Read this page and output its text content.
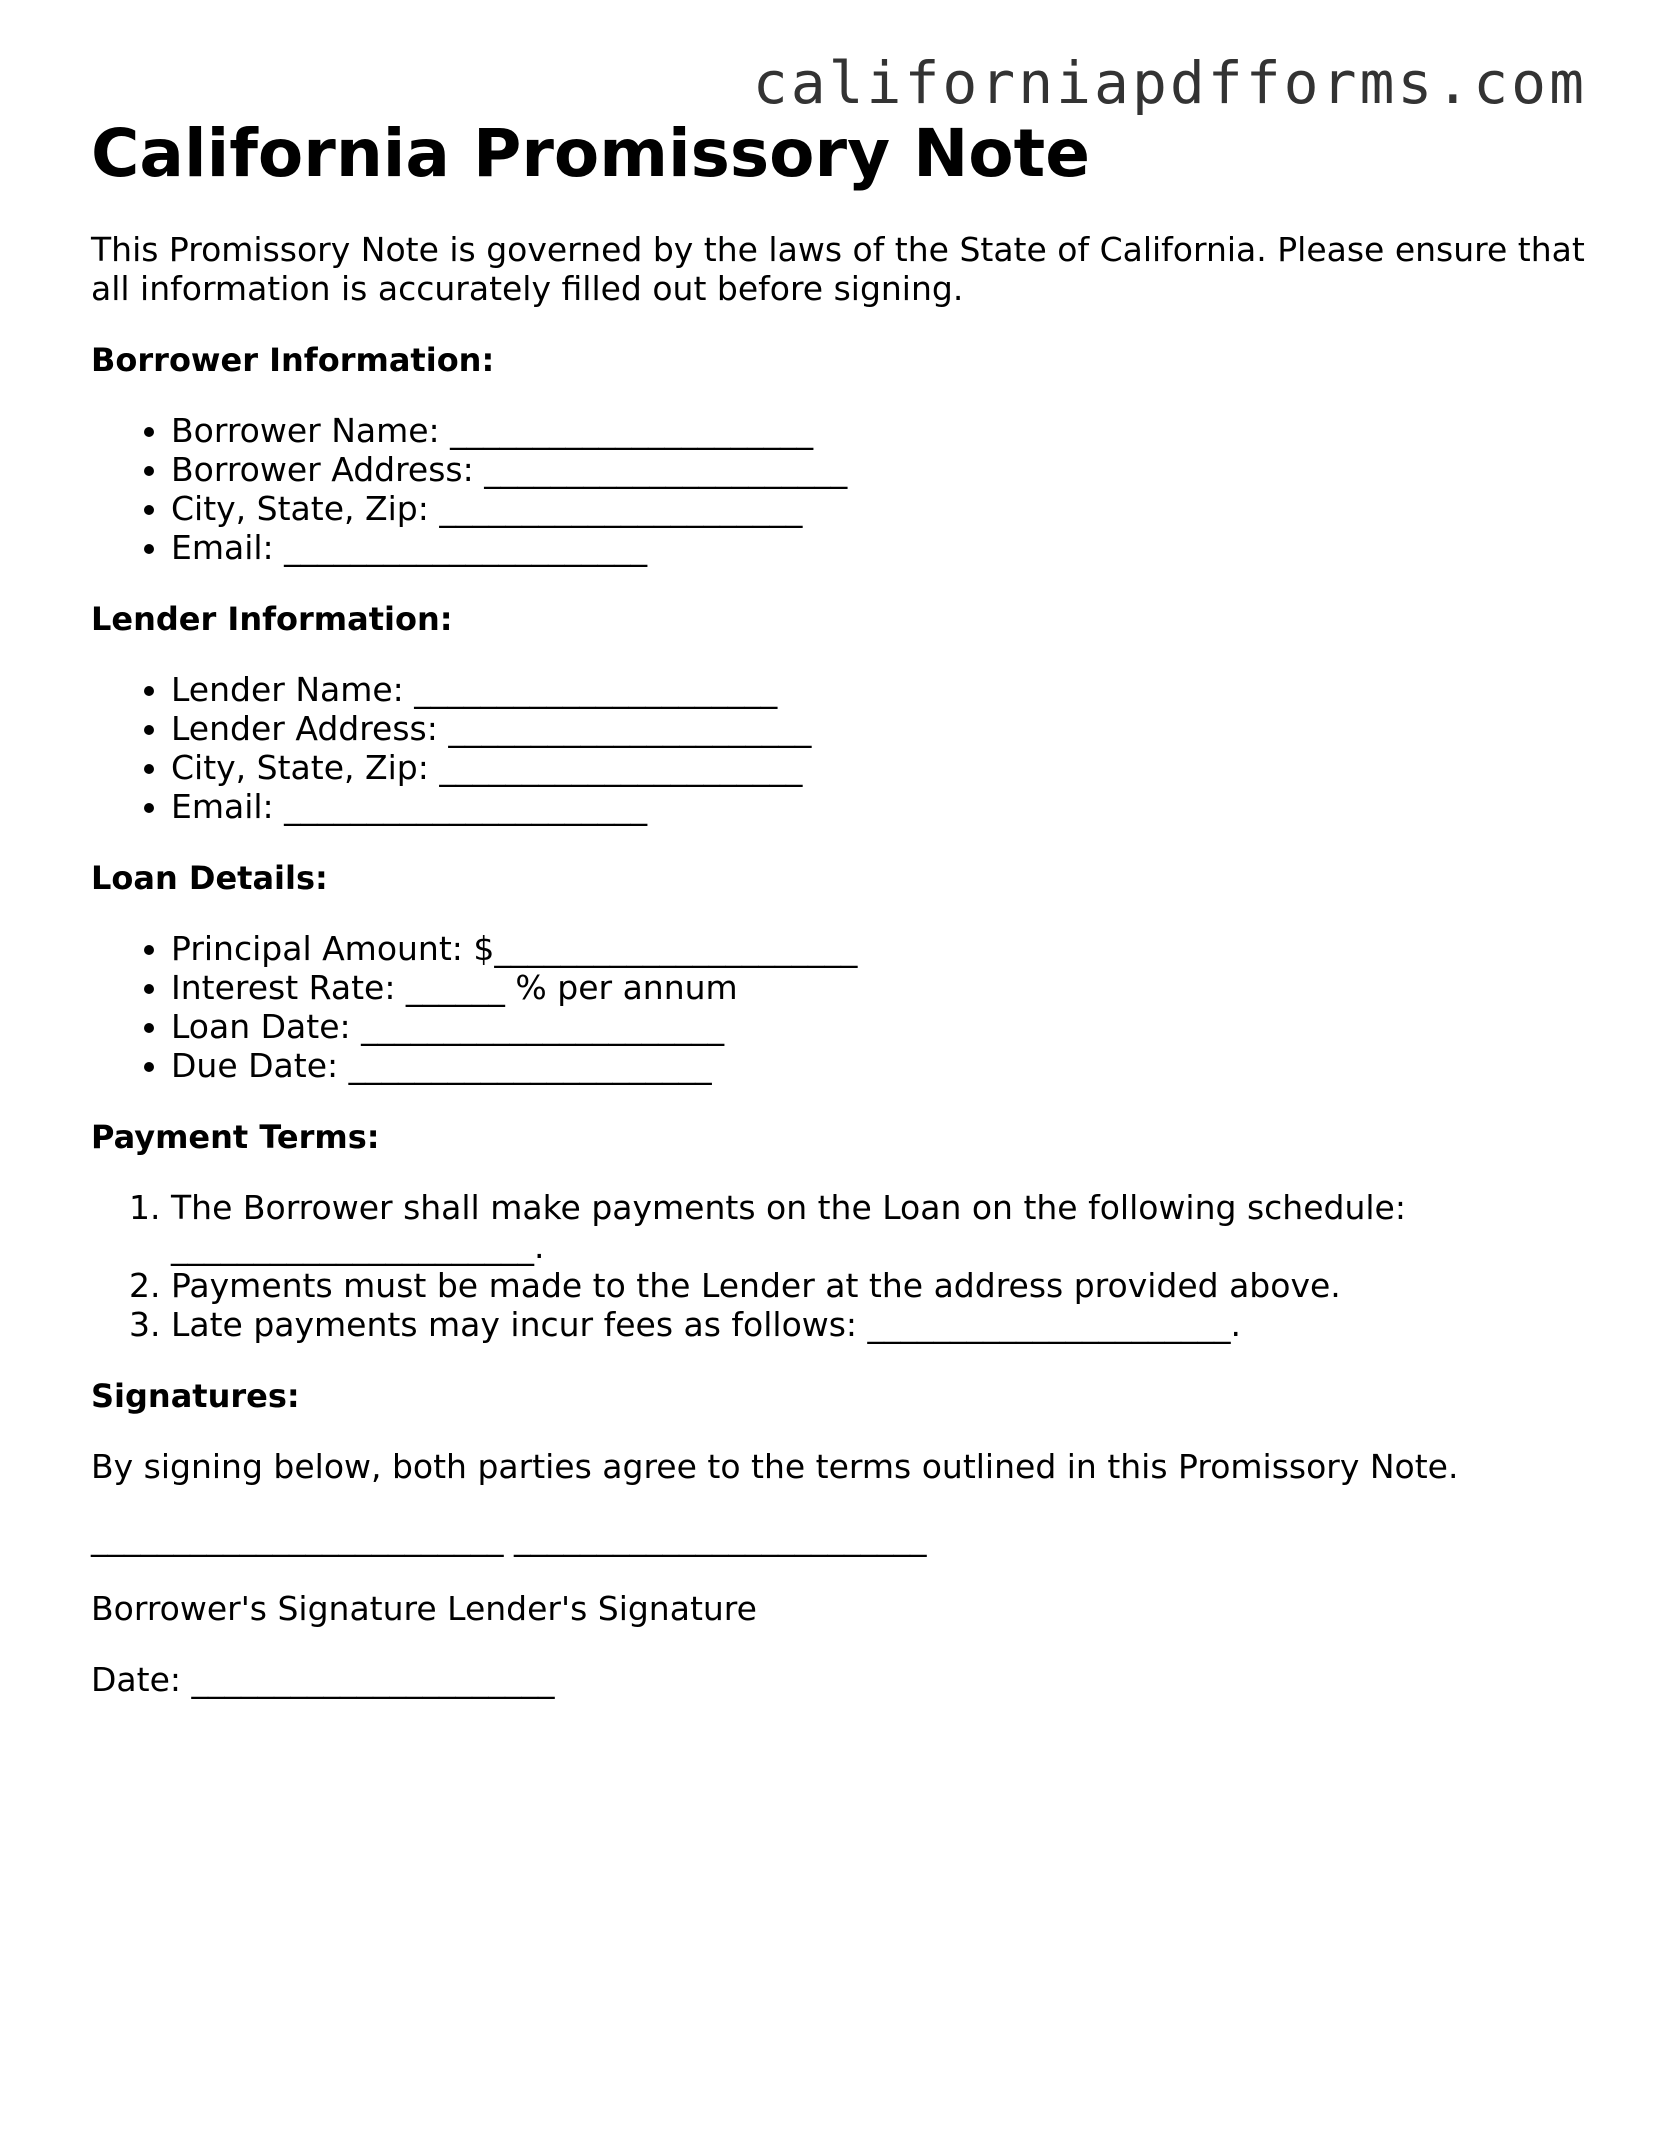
californiapdfforms.com
California Promissory Note

This Promissory Note is governed by the laws of the State of California. Please ensure that all information is accurately filled out before signing.

Borrower Information:
• Borrower Name: ______________________
• Borrower Address: ______________________
• City, State, Zip: ______________________
• Email: ______________________
Lender Information:
• Lender Name: ______________________
• Lender Address: ______________________
• City, State, Zip: ______________________
• Email: ______________________
Loan Details:
• Principal Amount: $______________________
• Interest Rate: ______ % per annum
• Loan Date: ______________________
• Due Date: ______________________
Payment Terms:
1. The Borrower shall make payments on the Loan on the following schedule: ______________________.
2. Payments must be made to the Lender at the address provided above.
3. Late payments may incur fees as follows: ______________________.
Signatures:

By signing below, both parties agree to the terms outlined in this Promissory Note.

_________________________ _________________________

Borrower's Signature Lender's Signature

Date: ______________________
